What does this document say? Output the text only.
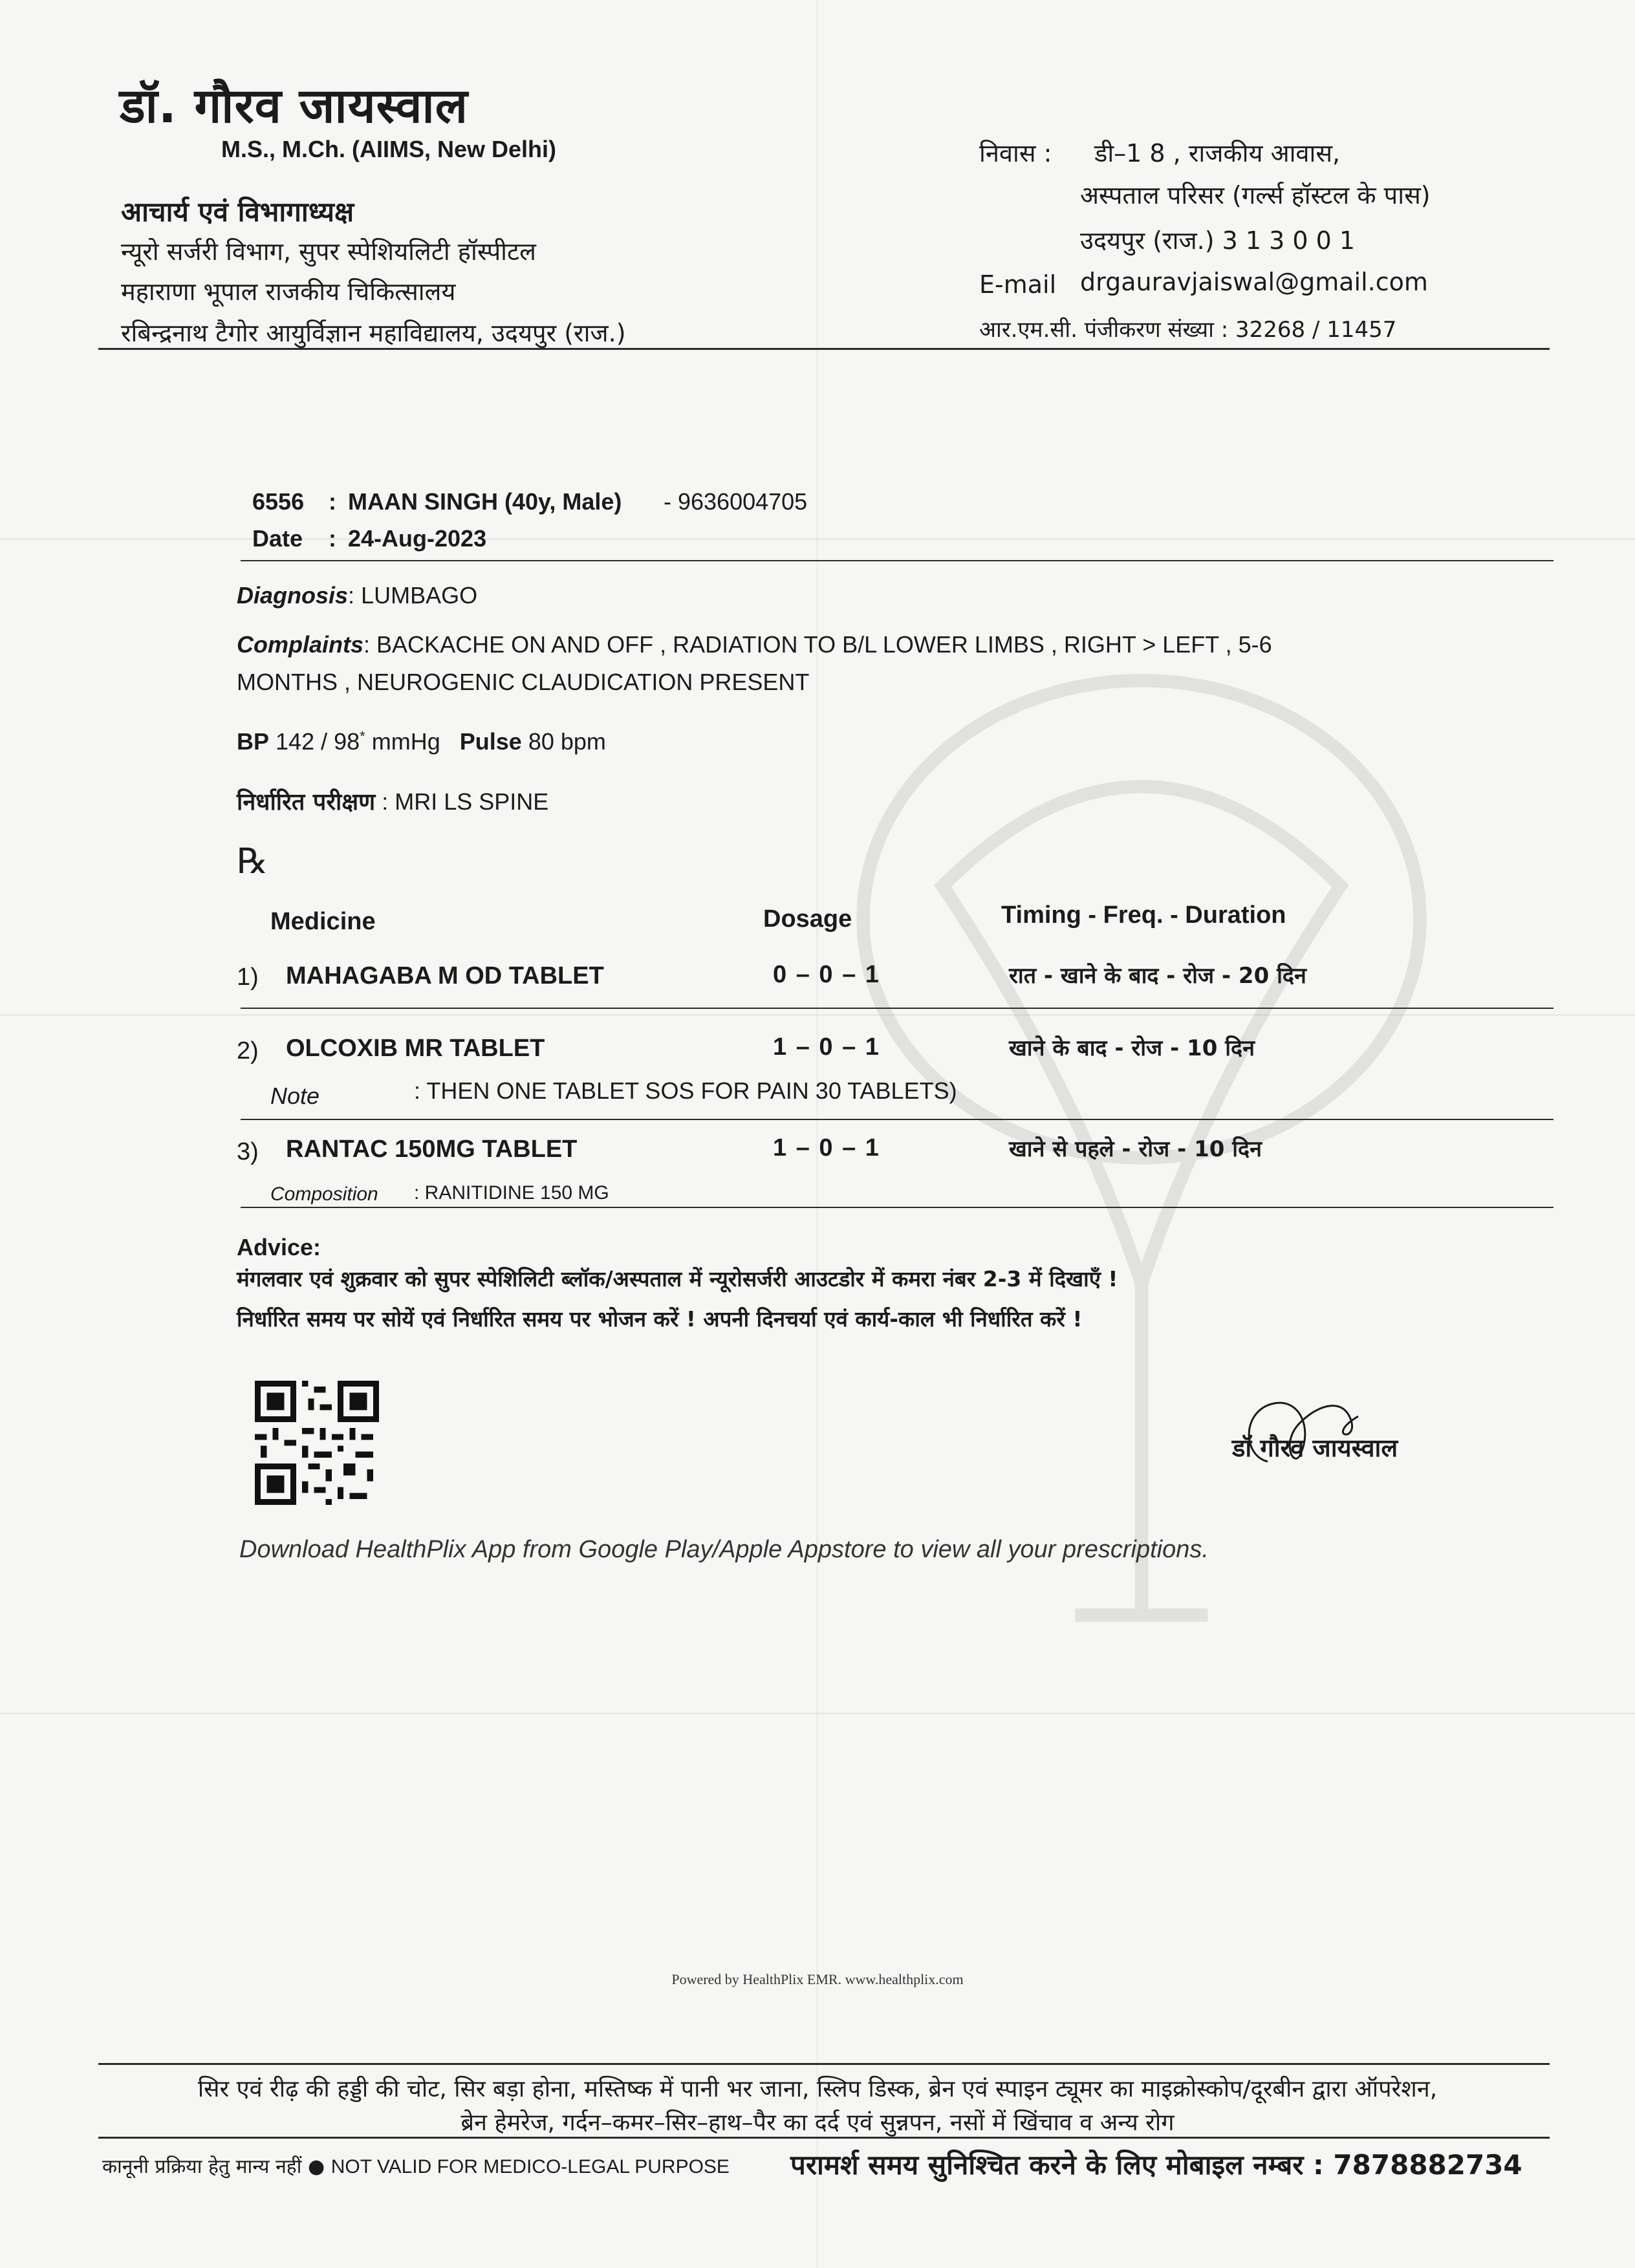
डॉ. गौरव जायस्वाल
M.S., M.Ch. (AIIMS, New Delhi)
आचार्य एवं विभागाध्यक्ष
न्यूरो सर्जरी विभाग, सुपर स्पेशियलिटी हॉस्पीटल
महाराणा भूपाल राजकीय चिकित्सालय
रबिन्द्रनाथ टैगोर आयुर्विज्ञान महाविद्यालय, उदयपुर (राज.)
निवास : डी–1 8 , राजकीय आवास,
अस्पताल परिसर (गर्ल्स हॉस्टल के पास)
उदयपुर (राज.) 3 1 3 0 0 1
E-mail drgauravjaiswal@gmail.com
आर.एम.सी. पंजीकरण संख्या : 32268 / 11457
6556 : MAAN SINGH (40y, Male) - 9636004705
Date : 24-Aug-2023
Diagnosis: LUMBAGO
Complaints: BACKACHE ON AND OFF , RADIATION TO B/L LOWER LIMBS , RIGHT > LEFT , 5-6
MONTHS , NEUROGENIC CLAUDICATION PRESENT
BP 142 / 98* mmHg Pulse 80 bpm
निर्धारित परीक्षण : MRI LS SPINE
℞
Medicine	Dosage	Timing - Freq. - Duration
1) MAHAGABA M OD TABLET	0 – 0 – 1	रात - खाने के बाद - रोज - 20 दिन
2) OLCOXIB MR TABLET	1 – 0 – 1	खाने के बाद - रोज - 10 दिन
Note	: THEN ONE TABLET SOS FOR PAIN 30 TABLETS)
3) RANTAC 150MG TABLET	1 – 0 – 1	खाने से पहले - रोज - 10 दिन
Composition : RANITIDINE 150 MG
Advice:
मंगलवार एवं शुक्रवार को सुपर स्पेशिलिटी ब्लॉक/अस्पताल में न्यूरोसर्जरी आउटडोर में कमरा नंबर 2-3 में दिखाएँ !
निर्धारित समय पर सोयें एवं निर्धारित समय पर भोजन करें ! अपनी दिनचर्या एवं कार्य-काल भी निर्धारित करें !
डॉ गौरव जायस्वाल
Download HealthPlix App from Google Play/Apple Appstore to view all your prescriptions.
Powered by HealthPlix EMR. www.healthplix.com
सिर एवं रीढ़ की हड्डी की चोट, सिर बड़ा होना, मस्तिष्क में पानी भर जाना, स्लिप डिस्क, ब्रेन एवं स्पाइन ट्यूमर का माइक्रोस्कोप/दूरबीन द्वारा ऑपरेशन,
ब्रेन हेमरेज, गर्दन–कमर–सिर–हाथ–पैर का दर्द एवं सुन्नपन, नसों में खिंचाव व अन्य रोग
कानूनी प्रक्रिया हेतु मान्य नहीं ● NOT VALID FOR MEDICO-LEGAL PURPOSE परामर्श समय सुनिश्चित करने के लिए मोबाइल नम्बर : 7878882734
